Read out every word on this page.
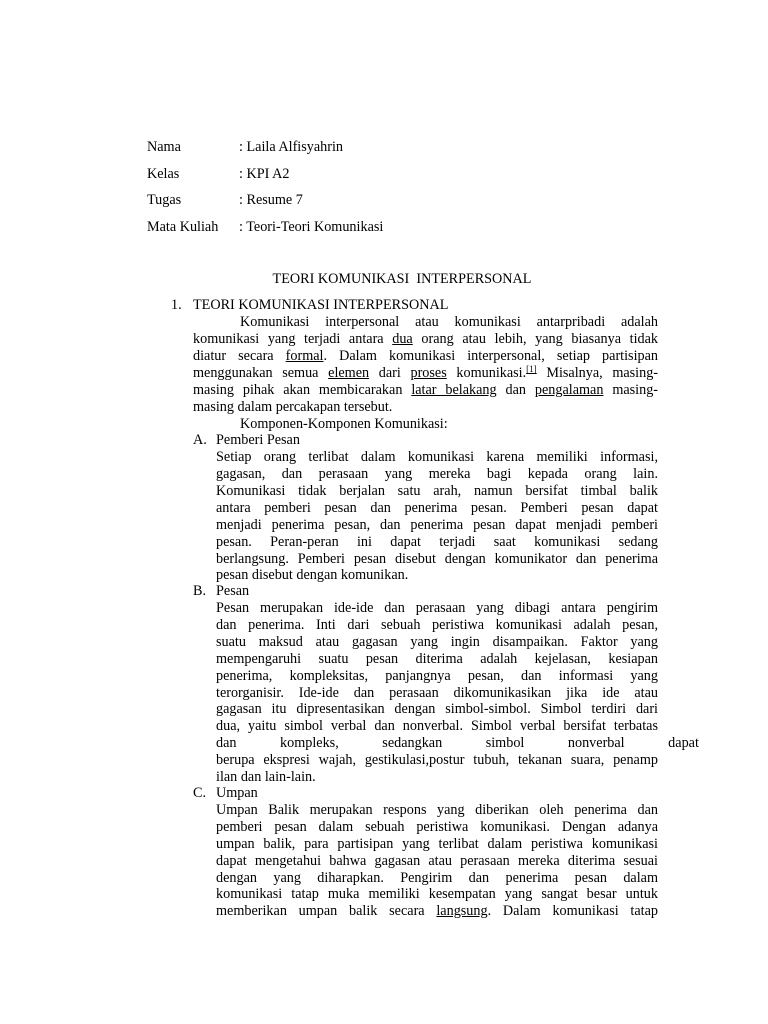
Nama	: Laila Alfisyahrin
Kelas	: KPI A2
Tugas	: Resume 7
Mata Kuliah : Teori-Teori Komunikasi
TEORI KOMUNIKASI  INTERPERSONAL
1. TEORI KOMUNIKASI INTERPERSONAL
Komunikasi interpersonal atau komunikasi antarpribadi adalah
komunikasi yang terjadi antara dua orang atau lebih, yang biasanya tidak
diatur secara formal. Dalam komunikasi interpersonal, setiap partisipan
menggunakan semua elemen dari proses komunikasi.[1] Misalnya, masing-
masing pihak akan membicarakan latar belakang dan pengalaman masing-
masing dalam percakapan tersebut.
Komponen-Komponen Komunikasi:
A. Pemberi Pesan
Setiap orang terlibat dalam komunikasi karena memiliki informasi,
gagasan, dan perasaan yang mereka bagi kepada orang lain.
Komunikasi tidak berjalan satu arah, namun bersifat timbal balik
antara pemberi pesan dan penerima pesan. Pemberi pesan dapat
menjadi penerima pesan, dan penerima pesan dapat menjadi pemberi
pesan. Peran-peran ini dapat terjadi saat komunikasi sedang
berlangsung. Pemberi pesan disebut dengan komunikator dan penerima
pesan disebut dengan komunikan.
B. Pesan
Pesan merupakan ide-ide dan perasaan yang dibagi antara pengirim
dan penerima. Inti dari sebuah peristiwa komunikasi adalah pesan,
suatu maksud atau gagasan yang ingin disampaikan. Faktor yang
mempengaruhi suatu pesan diterima adalah kejelasan, kesiapan
penerima, kompleksitas, panjangnya pesan, dan informasi yang
terorganisir. Ide-ide dan perasaan dikomunikasikan jika ide atau
gagasan itu dipresentasikan dengan simbol-simbol. Simbol terdiri dari
dua, yaitu simbol verbal dan nonverbal. Simbol verbal bersifat terbatas
dan kompleks, sedangkan simbol nonverbal dapat
berupa ekspresi wajah, gestikulasi,postur tubuh, tekanan suara, penamp
ilan dan lain-lain.
C. Umpan
Umpan Balik merupakan respons yang diberikan oleh penerima dan
pemberi pesan dalam sebuah peristiwa komunikasi. Dengan adanya
umpan balik, para partisipan yang terlibat dalam peristiwa komunikasi
dapat mengetahui bahwa gagasan atau perasaan mereka diterima sesuai
dengan yang diharapkan. Pengirim dan penerima pesan dalam
komunikasi tatap muka memiliki kesempatan yang sangat besar untuk
memberikan umpan balik secara langsung. Dalam komunikasi tatap
